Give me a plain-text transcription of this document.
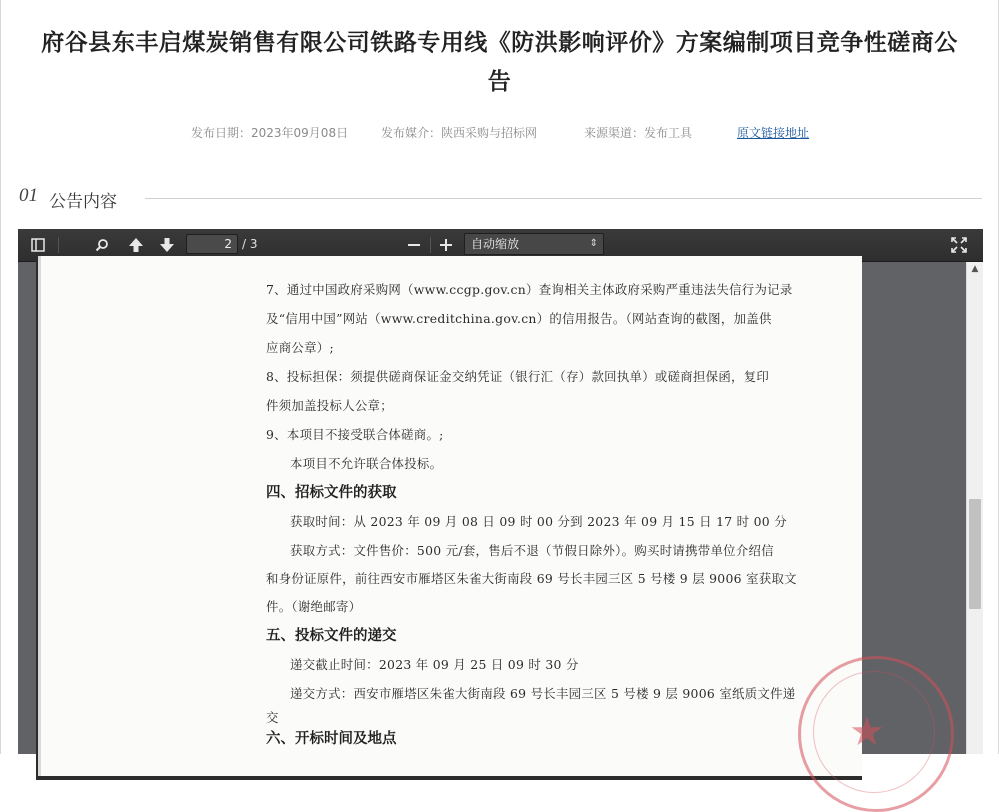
府谷县东丰启煤炭销售有限公司铁路专用线《防洪影响评价》方案编制项目竞争性磋商公
告
发布日期：2023年09月08日	发布媒介：陕西采购与招标网	来源渠道：发布工具	原文链接地址
01 公告内容
2
/ 3	自动缩放	⇕
7、通过中国政府采购网（www.ccgp.gov.cn）查询相关主体政府采购严重违法失信行为记录
及“信用中国”网站（www.creditchina.gov.cn）的信用报告。（网站查询的截图，加盖供
应商公章）;
8、投标担保：须提供磋商保证金交纳凭证（银行汇（存）款回执单）或磋商担保函，复印
件须加盖投标人公章；
9、本项目不接受联合体磋商。;
本项目不允许联合体投标。
四、招标文件的获取
获取时间：从 2023 年 09 月 08 日 09 时 00 分到 2023 年 09 月 15 日 17 时 00 分
获取方式：文件售价：500 元/套，售后不退（节假日除外）。购买时请携带单位介绍信
和身份证原件，前往西安市雁塔区朱雀大街南段 69 号长丰园三区 5 号楼 9 层 9006 室获取文
件。（谢绝邮寄）
五、投标文件的递交
递交截止时间：2023 年 09 月 25 日 09 时 30 分
递交方式：西安市雁塔区朱雀大街南段 69 号长丰园三区 5 号楼 9 层 9006 室纸质文件递
交
六、开标时间及地点	★
▲
